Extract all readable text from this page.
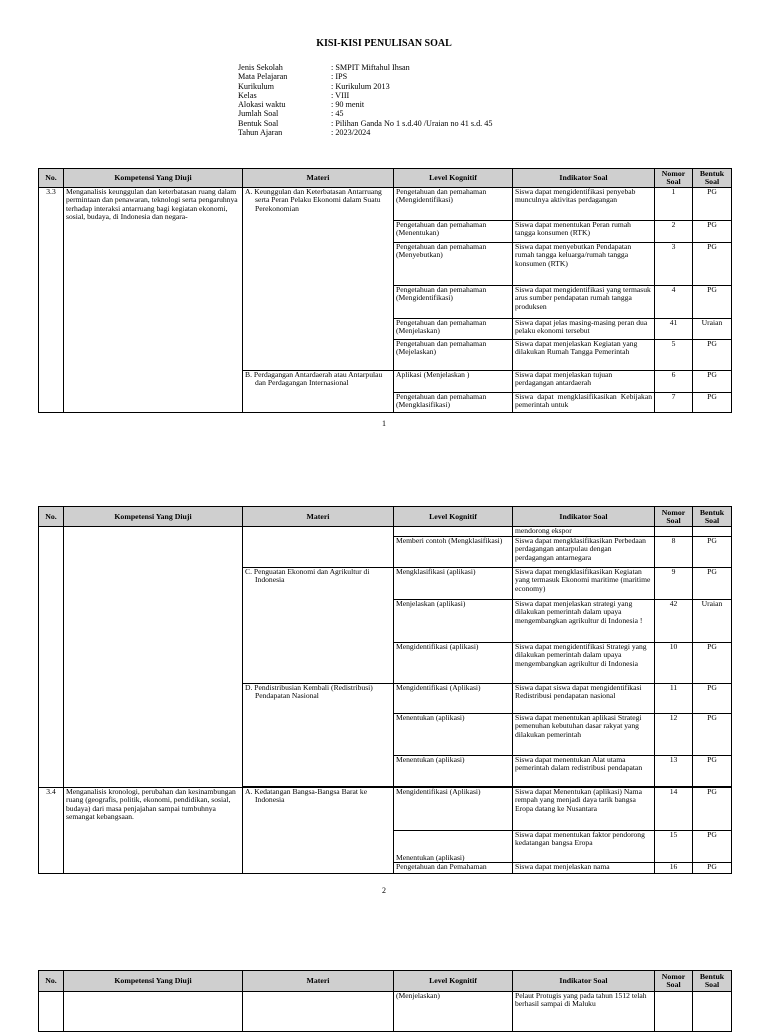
KISI-KISI PENULISAN SOAL
Jenis Sekolah	: SMPIT Miftahul Ihsan
Mata Pelajaran	: IPS
Kurikulum	: Kurikulum 2013
Kelas	: VIII
Alokasi waktu	: 90 menit
Jumlah Soal	: 45
Bentuk Soal	: Pilihan Ganda No 1 s.d.40 /Uraian no 41 s.d. 45
Tahun Ajaran	: 2023/2024
No.	Kompetensi Yang Diuji	Materi	Level Kognitif	Indikator Soal	Nomor Soal	Bentuk Soal
3.3	Menganalisis keunggulan dan keterbatasan ruang dalam permintaan dan penawaran, teknologi serta pengaruhnya terhadap interaksi antarruang bagi kegiatan ekonomi, sosial, budaya, di Indonesia dan negara-	A. Keunggulan dan Keterbatasan Antarruang serta Peran Pelaku Ekonomi dalam Suatu Perekonomian	Pengetahuan dan pemahaman (Mengidentifikasi)	Siswa dapat mengidentifikasi penyebab munculnya aktivitas perdagangan	1	PG
			Pengetahuan dan pemahaman (Menentukan)	Siswa dapat menentukan Peran rumah tangga konsumen (RTK)	2	PG
			Pengetahuan dan pemahaman (Menyebutkan)	Siswa dapat menyebutkan Pendapatan rumah tangga keluarga/rumah tangga konsumen (RTK)	3	PG
			Pengetahuan dan pemahaman (Mengidentifikasi)	Siswa dapat mengidentifikasi yang termasuk arus sumber pendapatan rumah tangga produksen	4	PG
			Pengetahuan dan pemahaman (Menjelaskan)	Siswa dapat jelas masing-masing peran dua pelaku ekonomi tersebut	41	Uraian
			Pengetahuan dan pemahaman (Mejelaskan)	Siswa dapat menjelaskan Kegiatan yang dilakukan Rumah Tangga Pemerintah	5	PG
		B. Perdagangan Antardaerah atau Antarpulau dan Perdagangan Internasional	Aplikasi (Menjelaskan )	Siswa dapat menjelaskan tujuan perdagangan antardaerah	6	PG
			Pengetahuan dan pemahaman (Mengklasifikasi)	Siswa dapat mengklasifikasikan Kebijakan pemerintah untuk	7	PG
1
No.	Kompetensi Yang Diuji	Materi	Level Kognitif	Indikator Soal	Nomor Soal	Bentuk Soal
				mendorong ekspor		
			Memberi contoh (Mengklasifikasi)	Siswa dapat mengklasifikasikan Perbedaan perdagangan antarpulau dengan perdagangan antarnegara	8	PG
		C. Penguatan Ekonomi dan Agrikultur di Indonesia	Mengklasifikasi (aplikasi)	Siswa dapat mengklasifikasikan Kegiatan yang termasuk Ekonomi maritime (maritime economy)	9	PG
			Menjelaskan (aplikasi)	Siswa dapat menjelaskan strategi yang dilakukan pemerintah dalam upaya mengembangkan agrikultur di Indonesia !	42	Uraian
			Mengidentifikasi (aplikasi)	Siswa dapat mengidentifikasi Strategi yang dilakukan pemerintah dalam upaya mengembangkan agrikultur di Indonesia	10	PG
		D. Pendistribusian Kembali (Redistribusi) Pendapatan Nasional	Mengidentifikasi (Aplikasi)	Siswa dapat siswa dapat mengidentifikasi Redistribusi pendapatan nasional	11	PG
			Menentukan (aplikasi)	Siswa dapat menentukan aplikasi Strategi pemenuhan kebutuhan dasar rakyat yang dilakukan pemerintah	12	PG
			Menentukan (aplikasi)	Siswa dapat menentukan Alat utama pemerintah dalam redistribusi pendapatan	13	PG

3.4	Menganalisis kronologi, perubahan dan kesinambungan ruang (geografis, politik, ekonomi, pendidikan, sosial, budaya) dari masa penjajahan sampai tumbuhnya semangat kebangsaan.	A. Kedatangan Bangsa-Bangsa Barat ke Indonesia	Mengidentifikasi (Aplikasi)	Siswa dapat Menentukan (aplikasi) Nama rempah yang menjadi daya tarik bangsa Eropa datang ke Nusantara	14	PG
			Menentukan (aplikasi)	Siswa dapat menentukan faktor pendorong kedatangan bangsa Eropa	15	PG
			Pengetahuan dan Pemahaman	Siswa dapat menjelaskan nama	16	PG
2
No.	Kompetensi Yang Diuji	Materi	Level Kognitif	Indikator Soal	Nomor Soal	Bentuk Soal
			(Menjelaskan)	Pelaut Protugis yang pada tahun 1512 telah berhasil sampai di Maluku		
